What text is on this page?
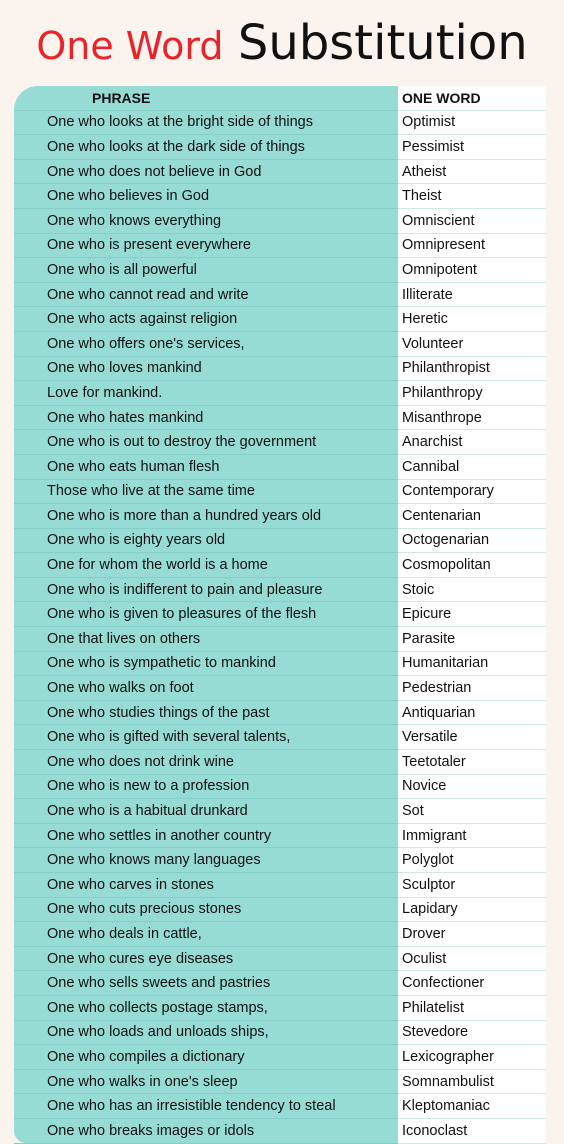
One Word Substitution
PHRASE	ONE WORD
One who looks at the bright side of things	Optimist
One who looks at the dark side of things	Pessimist
One who does not believe in God	Atheist
One who believes in God	Theist
One who knows everything	Omniscient
One who is present everywhere	Omnipresent
One who is all powerful	Omnipotent
One who cannot read and write	Illiterate
One who acts against religion	Heretic
One who offers one's services,	Volunteer
One who loves mankind	Philanthropist
Love for mankind.	Philanthropy
One who hates mankind	Misanthrope
One who is out to destroy the government	Anarchist
One who eats human flesh	Cannibal
Those who live at the same time	Contemporary
One who is more than a hundred years old	Centenarian
One who is eighty years old	Octogenarian
One for whom the world is a home	Cosmopolitan
One who is indifferent to pain and pleasure	Stoic
One who is given to pleasures of the flesh	Epicure
One that lives on others	Parasite
One who is sympathetic to mankind	Humanitarian
One who walks on foot	Pedestrian
One who studies things of the past	Antiquarian
One who is gifted with several talents,	Versatile
One who does not drink wine	Teetotaler
One who is new to a profession	Novice
One who is a habitual drunkard	Sot
One who settles in another country	Immigrant
One who knows many languages	Polyglot
One who carves in stones	Sculptor
One who cuts precious stones	Lapidary
One who deals in cattle,	Drover
One who cures eye diseases	Oculist
One who sells sweets and pastries	Confectioner
One who collects postage stamps,	Philatelist
One who loads and unloads ships,	Stevedore
One who compiles a dictionary	Lexicographer
One who walks in one's sleep	Somnambulist
One who has an irresistible tendency to steal	Kleptomaniac
One who breaks images or idols	Iconoclast
